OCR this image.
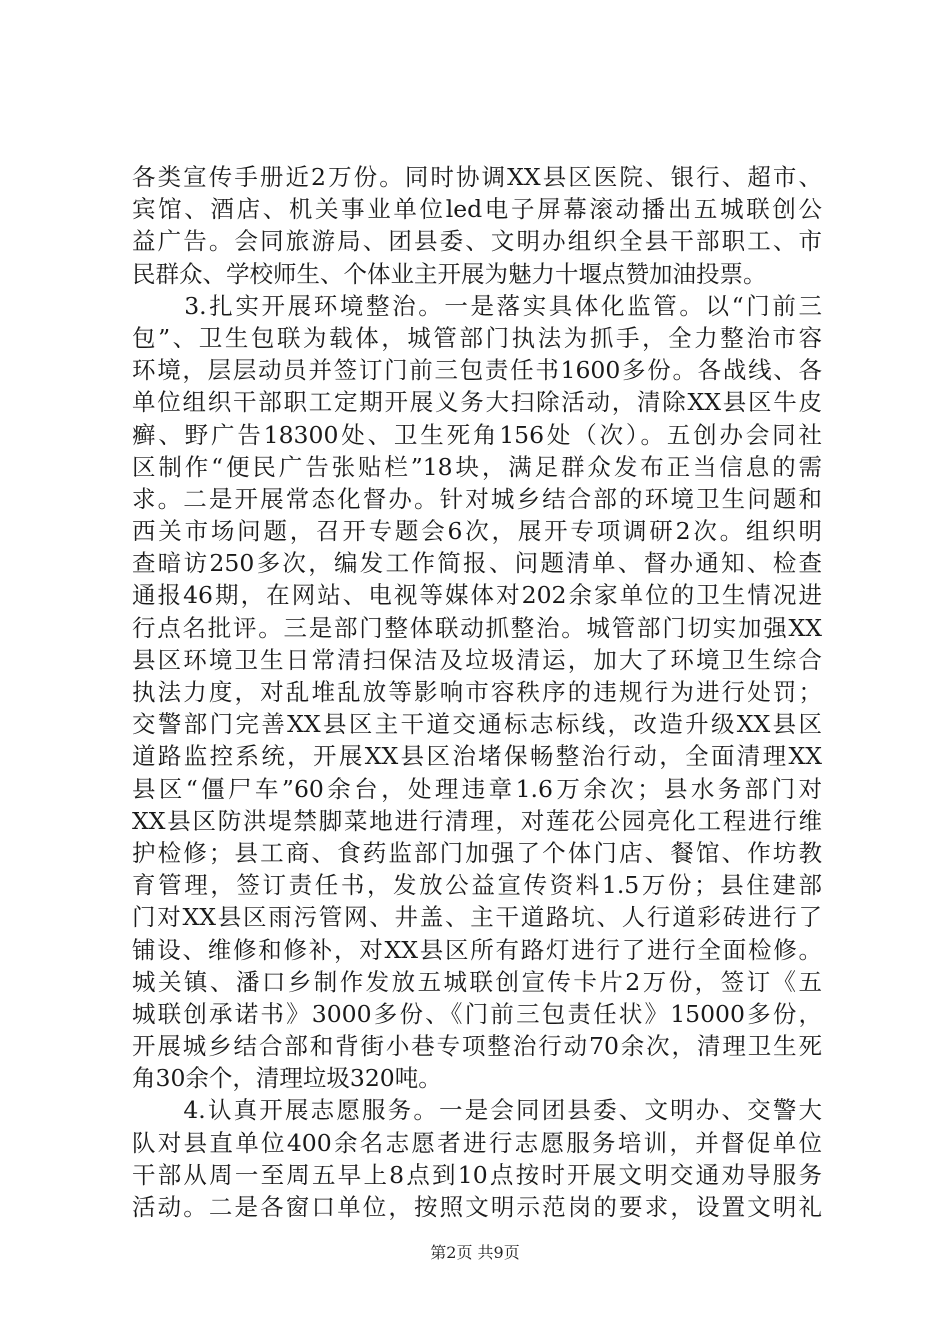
各类宣传手册近2万份。同时协调XX县区医院、银行、超市、
宾馆、酒店、机关事业单位led电子屏幕滚动播出五城联创公
益广告。会同旅游局、团县委、文明办组织全县干部职工、市
民群众、学校师生、个体业主开展为魅力十堰点赞加油投票。
　　3.扎实开展环境整治。一是落实具体化监管。以“门前三
包”、卫生包联为载体，城管部门执法为抓手，全力整治市容
环境，层层动员并签订门前三包责任书1600多份。各战线、各
单位组织干部职工定期开展义务大扫除活动，清除XX县区牛皮
癣、野广告18300处、卫生死角156处（次）。五创办会同社
区制作“便民广告张贴栏”18块，满足群众发布正当信息的需
求。二是开展常态化督办。针对城乡结合部的环境卫生问题和
西关市场问题，召开专题会6次，展开专项调研2次。组织明
查暗访250多次，编发工作简报、问题清单、督办通知、检查
通报46期，在网站、电视等媒体对202余家单位的卫生情况进
行点名批评。三是部门整体联动抓整治。城管部门切实加强XX
县区环境卫生日常清扫保洁及垃圾清运，加大了环境卫生综合
执法力度，对乱堆乱放等影响市容秩序的违规行为进行处罚；
交警部门完善XX县区主干道交通标志标线，改造升级XX县区
道路监控系统，开展XX县区治堵保畅整治行动，全面清理XX
县区“僵尸车”60余台，处理违章1.6万余次；县水务部门对
XX县区防洪堤禁脚菜地进行清理，对莲花公园亮化工程进行维
护检修；县工商、食药监部门加强了个体门店、餐馆、作坊教
育管理，签订责任书，发放公益宣传资料1.5万份；县住建部
门对XX县区雨污管网、井盖、主干道路坑、人行道彩砖进行了
铺设、维修和修补，对XX县区所有路灯进行了进行全面检修。
城关镇、潘口乡制作发放五城联创宣传卡片2万份，签订《五
城联创承诺书》3000多份、《门前三包责任状》15000多份，
开展城乡结合部和背街小巷专项整治行动70余次，清理卫生死
角30余个，清理垃圾320吨。
　　4.认真开展志愿服务。一是会同团县委、文明办、交警大
队对县直单位400余名志愿者进行志愿服务培训，并督促单位
干部从周一至周五早上8点到10点按时开展文明交通劝导服务
活动。二是各窗口单位，按照文明示范岗的要求，设置文明礼
第2页 共9页
